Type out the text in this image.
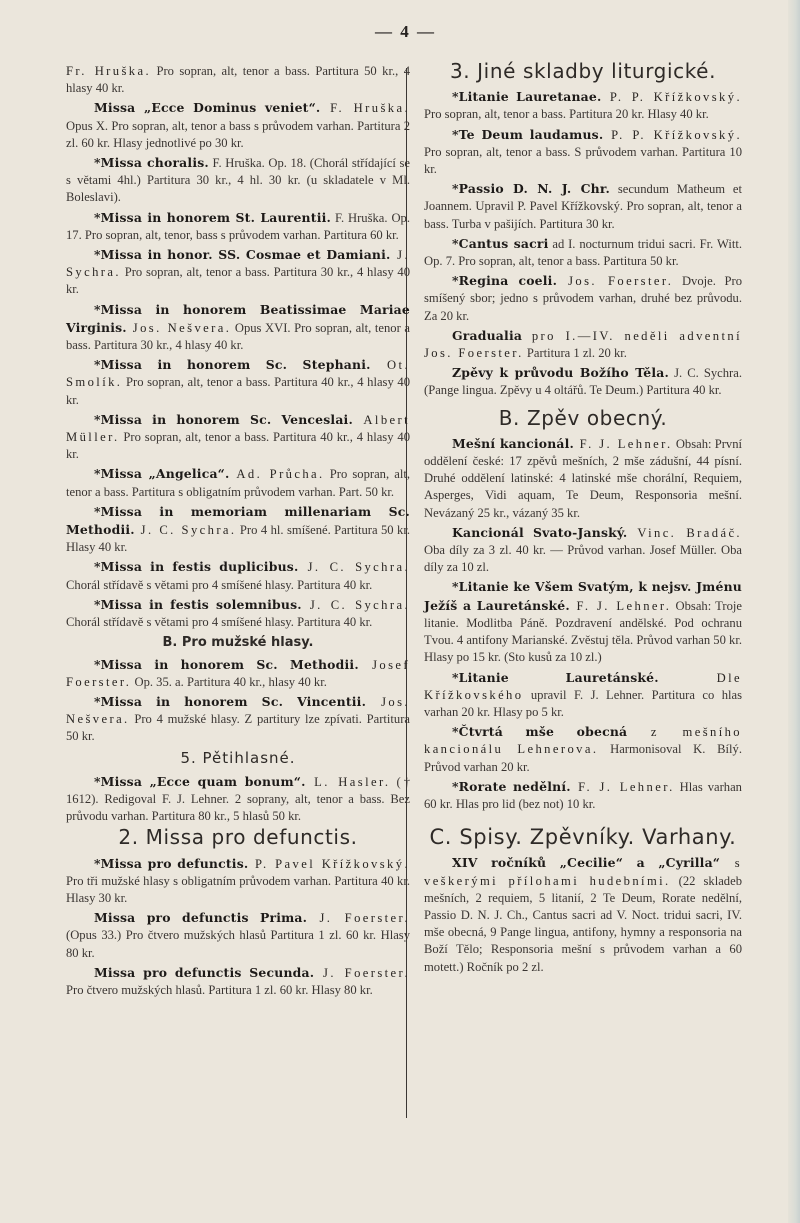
— 4 —

Fr. Hruška. Pro sopran, alt, tenor a bass. Partitura 50 kr., 4 hlasy 40 kr.

Missa „Ecce Dominus veniet“. F. Hruška. Opus X. Pro sopran, alt, tenor a bass s průvodem varhan. Partitura 2 zl. 60 kr. Hlasy jednotlivé po 30 kr.

*Missa choralis. F. Hruška. Op. 18. (Chorál střídající se s větami 4hl.) Partitura 30 kr., 4 hl. 30 kr. (u skladatele v Ml. Boleslavi).

*Missa in honorem St. Laurentii. F. Hruška. Op. 17. Pro sopran, alt, tenor, bass s průvodem varhan. Partitura 60 kr.

*Missa in honor. SS. Cosmae et Damiani. J. Sychra. Pro sopran, alt, tenor a bass. Partitura 30 kr., 4 hlasy 40 kr.

*Missa in honorem Beatissimae Mariae Virginis. Jos. Nešvera. Opus XVI. Pro sopran, alt, tenor a bass. Partitura 30 kr., 4 hlasy 40 kr.

*Missa in honorem Sc. Stephani. Ot. Smolík. Pro sopran, alt, tenor a bass. Partitura 40 kr., 4 hlasy 40 kr.

*Missa in honorem Sc. Venceslai. Albert Müller. Pro sopran, alt, tenor a bass. Partitura 40 kr., 4 hlasy 40 kr.

*Missa „Angelica“. Ad. Průcha. Pro sopran, alt, tenor a bass. Partitura s obligatním průvodem varhan. Part. 50 kr.

*Missa in memoriam millenariam Sc. Methodii. J. C. Sychra. Pro 4 hl. smíšené. Partitura 50 kr. Hlasy 40 kr.

*Missa in festis duplicibus. J. C. Sychra. Chorál střídavě s větami pro 4 smíšené hlasy. Partitura 40 kr.

*Missa in festis solemnibus. J. C. Sychra. Chorál střídavě s větami pro 4 smíšené hlasy. Partitura 40 kr.

B. Pro mužské hlasy.

*Missa in honorem Sc. Methodii. Josef Foerster. Op. 35. a. Partitura 40 kr., hlasy 40 kr.

*Missa in honorem Sc. Vincentii. Jos. Nešvera. Pro 4 mužské hlasy. Z partitury lze zpívati. Partitura 50 kr.

5. Pětihlasné.

*Missa „Ecce quam bonum“. L. Hasler. († 1612). Redigoval F. J. Lehner. 2 soprany, alt, tenor a bass. Bez průvodu varhan. Partitura 80 kr., 5 hlasů 50 kr.

2. Missa pro defunctis.

*Missa pro defunctis. P. Pavel Křížkovský. Pro tři mužské hlasy s obligatním průvodem varhan. Partitura 40 kr. Hlasy 30 kr.

Missa pro defunctis Prima. J. Foerster. (Opus 33.) Pro čtvero mužských hlasů Partitura 1 zl. 60 kr. Hlasy 80 kr.

Missa pro defunctis Secunda. J. Foerster. Pro čtvero mužských hlasů. Partitura 1 zl. 60 kr. Hlasy 80 kr.

3. Jiné skladby liturgické.

*Litanie Lauretanae. P. P. Křížkovský. Pro sopran, alt, tenor a bass. Partitura 20 kr. Hlasy 40 kr.

*Te Deum laudamus. P. P. Křížkovský. Pro sopran, alt, tenor a bass. S průvodem varhan. Partitura 10 kr.

*Passio D. N. J. Chr. secundum Matheum et Joannem. Upravil P. Pavel Křížkovský. Pro sopran, alt, tenor a bass. Turba v pašijích. Partitura 30 kr.

*Cantus sacri ad I. nocturnum tridui sacri. Fr. Witt. Op. 7. Pro sopran, alt, tenor a bass. Partitura 50 kr.

*Regina coeli. Jos. Foerster. Dvoje. Pro smíšený sbor; jedno s průvodem varhan, druhé bez průvodu. Za 20 kr.

Gradualia pro I.—IV. neděli adventní Jos. Foerster. Partitura 1 zl. 20 kr.

Zpěvy k průvodu Božího Těla. J. C. Sychra. (Pange lingua. Zpěvy u 4 oltářů. Te Deum.) Partitura 40 kr.

B. Zpěv obecný.

Mešní kancionál. F. J. Lehner. Obsah: První oddělení české: 17 zpěvů mešních, 2 mše zádušní, 44 písní. Druhé oddělení latinské: 4 latinské mše chorální, Requiem, Asperges, Vidi aquam, Te Deum, Responsoria mešní. Nevázaný 25 kr., vázaný 35 kr.

Kancionál Svato-Janský. Vinc. Bradáč. Oba díly za 3 zl. 40 kr. — Průvod varhan. Josef Müller. Oba díly za 10 zl.

*Litanie ke Všem Svatým, k nejsv. Jménu Ježíš a Lauretánské. F. J. Lehner. Obsah: Troje litanie. Modlitba Páně. Pozdravení andělské. Pod ochranu Tvou. 4 antifony Marianské. Zvěstuj těla. Průvod varhan 50 kr. Hlasy po 15 kr. (Sto kusů za 10 zl.)

*Litanie Lauretánské. Dle Křížkovského upravil F. J. Lehner. Partitura co hlas varhan 20 kr. Hlasy po 5 kr.

*Čtvrtá mše obecná z mešního kancionálu Lehnerova. Harmonisoval K. Bílý. Průvod varhan 20 kr.

*Rorate nedělní. F. J. Lehner. Hlas varhan 60 kr. Hlas pro lid (bez not) 10 kr.

C. Spisy. Zpěvníky. Varhany.

XIV ročníků „Cecilie“ a „Cyrilla“ s veškerými přílohami hudebními. (22 skladeb mešních, 2 requiem, 5 litanií, 2 Te Deum, Rorate nedělní, Passio D. N. J. Ch., Cantus sacri ad V. Noct. tridui sacri, IV. mše obecná, 9 Pange lingua, antifony, hymny a responsoria na Boží Tělo; Responsoria mešní s průvodem varhan a 60 motett.) Ročník po 2 zl.
